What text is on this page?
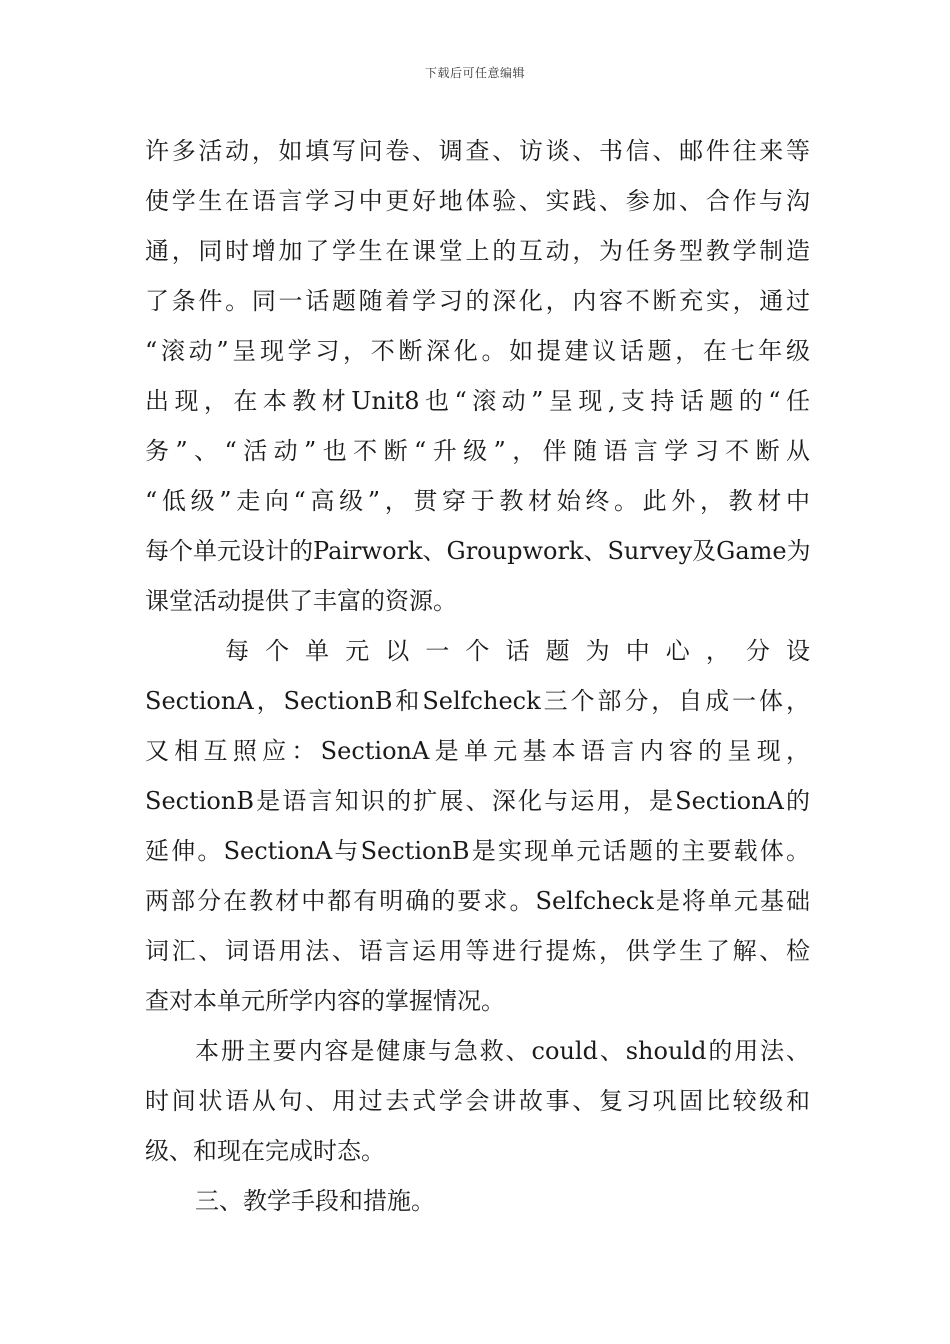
下载后可任意编辑
许多活动，如填写问卷、调查、访谈、书信、邮件往来等
使学生在语言学习中更好地体验、实践、参加、合作与沟
通，同时增加了学生在课堂上的互动，为任务型教学制造
了条件。同一话题随着学习的深化，内容不断充实，通过
“滚动”呈现学习，不断深化。如提建议话题，在七年级
出现，在本教材Unit8也“滚动”呈现,支持话题的“任
务”、“活动”也不断“升级”，伴随语言学习不断从
“低级”走向“高级”，贯穿于教材始终。此外，教材中
每个单元设计的Pairwork、Groupwork、Survey及Game为
课堂活动提供了丰富的资源。
每个单元以一个话题为中心，分设
SectionA，SectionB和Selfcheck三个部分，自成一体，
又相互照应：SectionA是单元基本语言内容的呈现，
SectionB是语言知识的扩展、深化与运用，是SectionA的
延伸。SectionA与SectionB是实现单元话题的主要载体。
两部分在教材中都有明确的要求。Selfcheck是将单元基础
词汇、词语用法、语言运用等进行提炼，供学生了解、检
查对本单元所学内容的掌握情况。
本册主要内容是健康与急救、could、should的用法、
时间状语从句、用过去式学会讲故事、复习巩固比较级和
级、和现在完成时态。
三、教学手段和措施。
